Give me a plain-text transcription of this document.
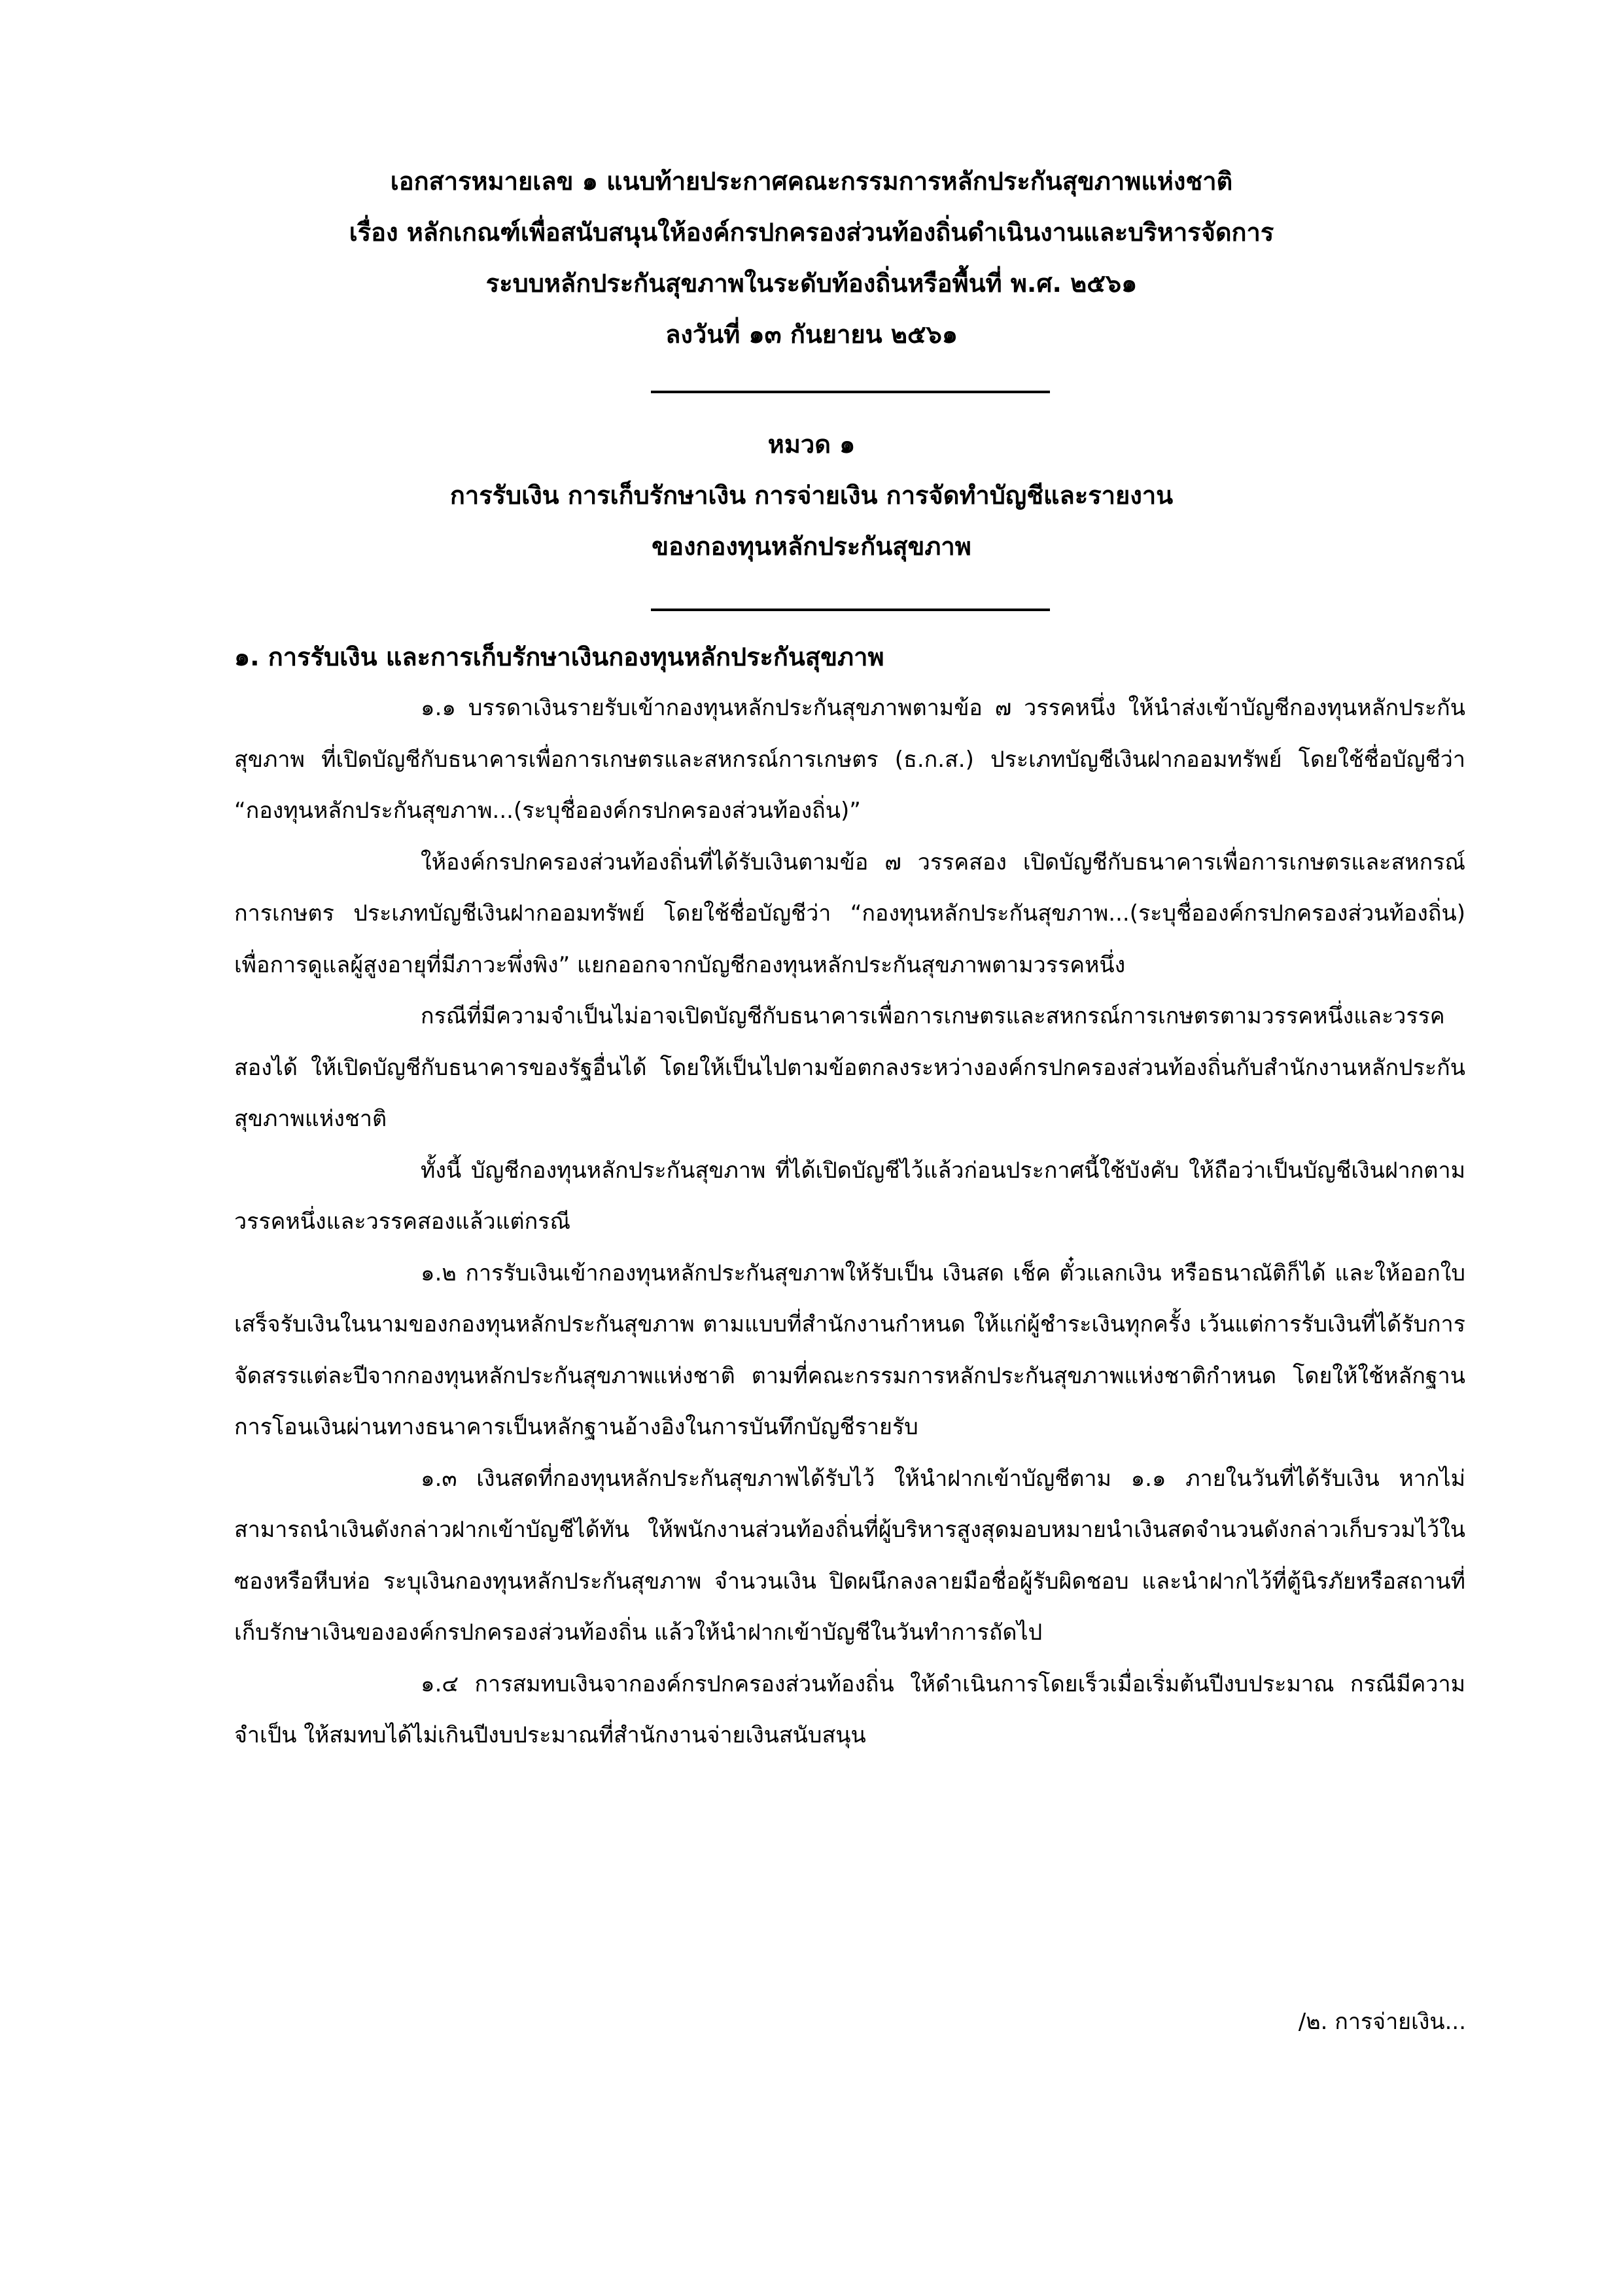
เอกสารหมายเลข ๑ แนบท้ายประกาศคณะกรรมการหลักประกันสุขภาพแห่งชาติ
เรื่อง หลักเกณฑ์เพื่อสนับสนุนให้องค์กรปกครองส่วนท้องถิ่นดำเนินงานและบริหารจัดการ
ระบบหลักประกันสุขภาพในระดับท้องถิ่นหรือพื้นที่ พ.ศ. ๒๕๖๑
ลงวันที่ ๑๓ กันยายน ๒๕๖๑
หมวด ๑
การรับเงิน การเก็บรักษาเงิน การจ่ายเงิน การจัดทำบัญชีและรายงาน
ของกองทุนหลักประกันสุขภาพ

๑. การรับเงิน และการเก็บรักษาเงินกองทุนหลักประกันสุขภาพ

๑.๑ บรรดาเงินรายรับเข้ากองทุนหลักประกันสุขภาพตามข้อ ๗ วรรคหนึ่ง ให้นำส่งเข้าบัญชีกองทุนหลักประกันสุขภาพ ที่เปิดบัญชีกับธนาคารเพื่อการเกษตรและสหกรณ์การเกษตร (ธ.ก.ส.) ประเภทบัญชีเงินฝากออมทรัพย์ โดยใช้ชื่อบัญชีว่า “กองทุนหลักประกันสุขภาพ...(ระบุชื่อองค์กรปกครองส่วนท้องถิ่น)”

ให้องค์กรปกครองส่วนท้องถิ่นที่ได้รับเงินตามข้อ ๗ วรรคสอง เปิดบัญชีกับธนาคารเพื่อการเกษตรและสหกรณ์การเกษตร ประเภทบัญชีเงินฝากออมทรัพย์ โดยใช้ชื่อบัญชีว่า “กองทุนหลักประกันสุขภาพ...(ระบุชื่อองค์กรปกครองส่วนท้องถิ่น) เพื่อการดูแลผู้สูงอายุที่มีภาวะพึ่งพิง” แยกออกจากบัญชีกองทุนหลักประกันสุขภาพตามวรรคหนึ่ง

กรณีที่มีความจำเป็นไม่อาจเปิดบัญชีกับธนาคารเพื่อการเกษตรและสหกรณ์การเกษตรตามวรรคหนึ่งและวรรคสองได้ ให้เปิดบัญชีกับธนาคารของรัฐอื่นได้ โดยให้เป็นไปตามข้อตกลงระหว่างองค์กรปกครองส่วนท้องถิ่นกับสำนักงานหลักประกันสุขภาพแห่งชาติ

ทั้งนี้ บัญชีกองทุนหลักประกันสุขภาพ ที่ได้เปิดบัญชีไว้แล้วก่อนประกาศนี้ใช้บังคับ ให้ถือว่าเป็นบัญชีเงินฝากตามวรรคหนึ่งและวรรคสองแล้วแต่กรณี

๑.๒ การรับเงินเข้ากองทุนหลักประกันสุขภาพให้รับเป็น เงินสด เช็ค ตั๋วแลกเงิน หรือธนาณัติก็ได้ และให้ออกใบเสร็จรับเงินในนามของกองทุนหลักประกันสุขภาพ ตามแบบที่สำนักงานกำหนด ให้แก่ผู้ชำระเงินทุกครั้ง เว้นแต่การรับเงินที่ได้รับการจัดสรรแต่ละปีจากกองทุนหลักประกันสุขภาพแห่งชาติ ตามที่คณะกรรมการหลักประกันสุขภาพแห่งชาติกำหนด โดยให้ใช้หลักฐานการโอนเงินผ่านทางธนาคารเป็นหลักฐานอ้างอิงในการบันทึกบัญชีรายรับ

๑.๓ เงินสดที่กองทุนหลักประกันสุขภาพได้รับไว้ ให้นำฝากเข้าบัญชีตาม ๑.๑ ภายในวันที่ได้รับเงิน หากไม่สามารถนำเงินดังกล่าวฝากเข้าบัญชีได้ทัน ให้พนักงานส่วนท้องถิ่นที่ผู้บริหารสูงสุดมอบหมายนำเงินสดจำนวนดังกล่าวเก็บรวมไว้ในซองหรือหีบห่อ ระบุเงินกองทุนหลักประกันสุขภาพ จำนวนเงิน ปิดผนึกลงลายมือชื่อผู้รับผิดชอบ และนำฝากไว้ที่ตู้นิรภัยหรือสถานที่เก็บรักษาเงินขององค์กรปกครองส่วนท้องถิ่น แล้วให้นำฝากเข้าบัญชีในวันทำการถัดไป

๑.๔ การสมทบเงินจากองค์กรปกครองส่วนท้องถิ่น ให้ดำเนินการโดยเร็วเมื่อเริ่มต้นปีงบประมาณ กรณีมีความจำเป็น ให้สมทบได้ไม่เกินปีงบประมาณที่สำนักงานจ่ายเงินสนับสนุน

/๒. การจ่ายเงิน...
